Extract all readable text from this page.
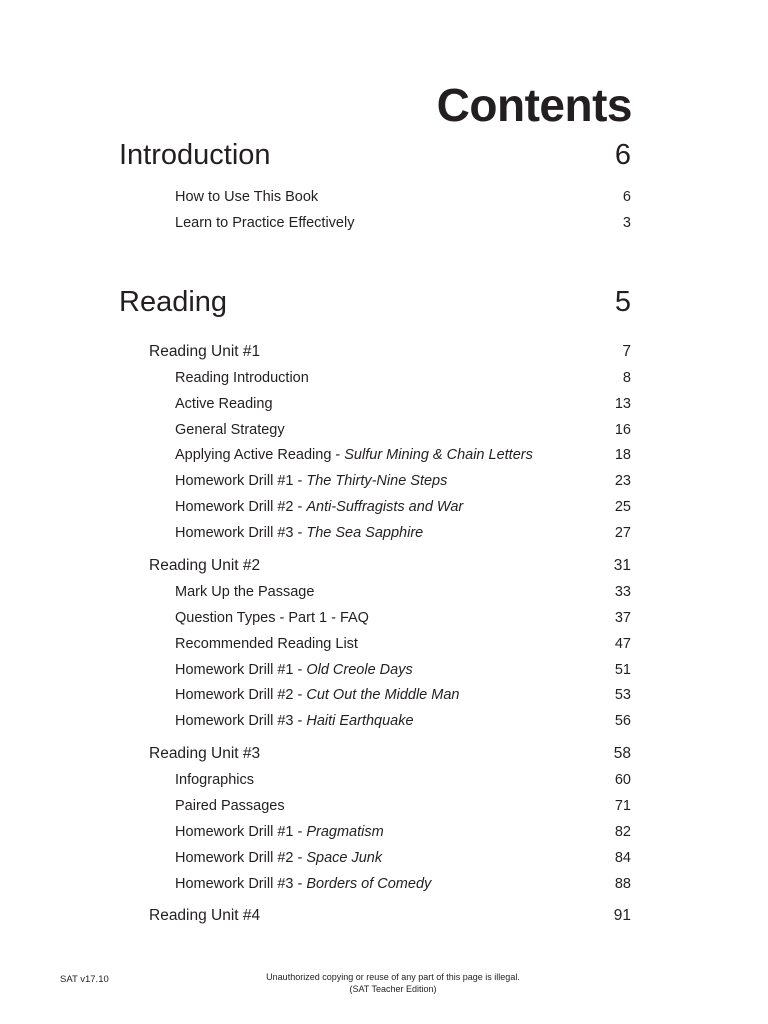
Contents
Introduction	6
How to Use This Book	6
Learn to Practice Effectively	3
Reading	5
Reading Unit #1	7
Reading Introduction	8
Active Reading	13
General Strategy	16
Applying Active Reading - Sulfur Mining & Chain Letters	18
Homework Drill #1 - The Thirty-Nine Steps	23
Homework Drill #2 - Anti-Suffragists and War	25
Homework Drill #3 - The Sea Sapphire	27
Reading Unit #2	31
Mark Up the Passage	33
Question Types - Part 1 - FAQ	37
Recommended Reading List	47
Homework Drill #1 - Old Creole Days	51
Homework Drill #2 - Cut Out the Middle Man	53
Homework Drill #3 - Haiti Earthquake	56
Reading Unit #3	58
Infographics	60
Paired Passages	71
Homework Drill #1 - Pragmatism	82
Homework Drill #2 - Space Junk	84
Homework Drill #3 - Borders of Comedy	88
Reading Unit #4	91
SAT v17.10	Unauthorized copying or reuse of any part of this page is illegal.
(SAT Teacher Edition)
